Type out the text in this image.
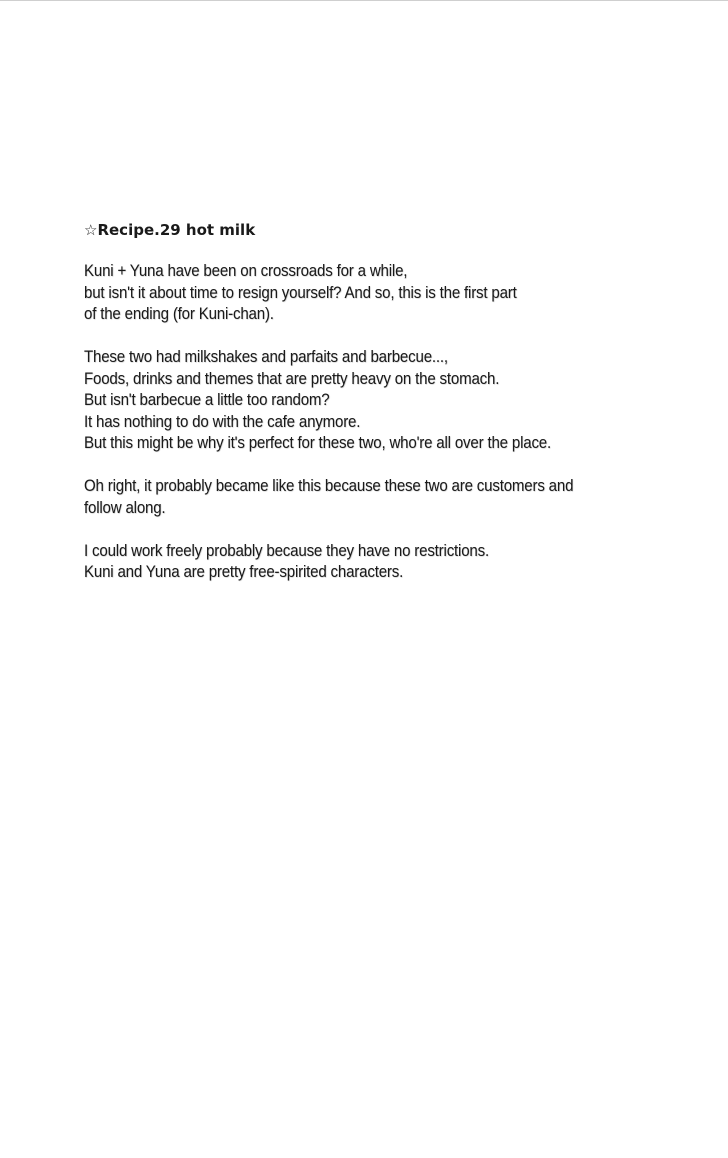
☆Recipe.29 hot milk
Kuni + Yuna have been on crossroads for a while,
but isn't it about time to resign yourself? And so, this is the first part
of the ending (for Kuni-chan).
These two had milkshakes and parfaits and barbecue...,
Foods, drinks and themes that are pretty heavy on the stomach.
But isn't barbecue a little too random?
It has nothing to do with the cafe anymore.
But this might be why it's perfect for these two, who're all over the place.
Oh right, it probably became like this because these two are customers and
follow along.
I could work freely probably because they have no restrictions.
Kuni and Yuna are pretty free-spirited characters.
